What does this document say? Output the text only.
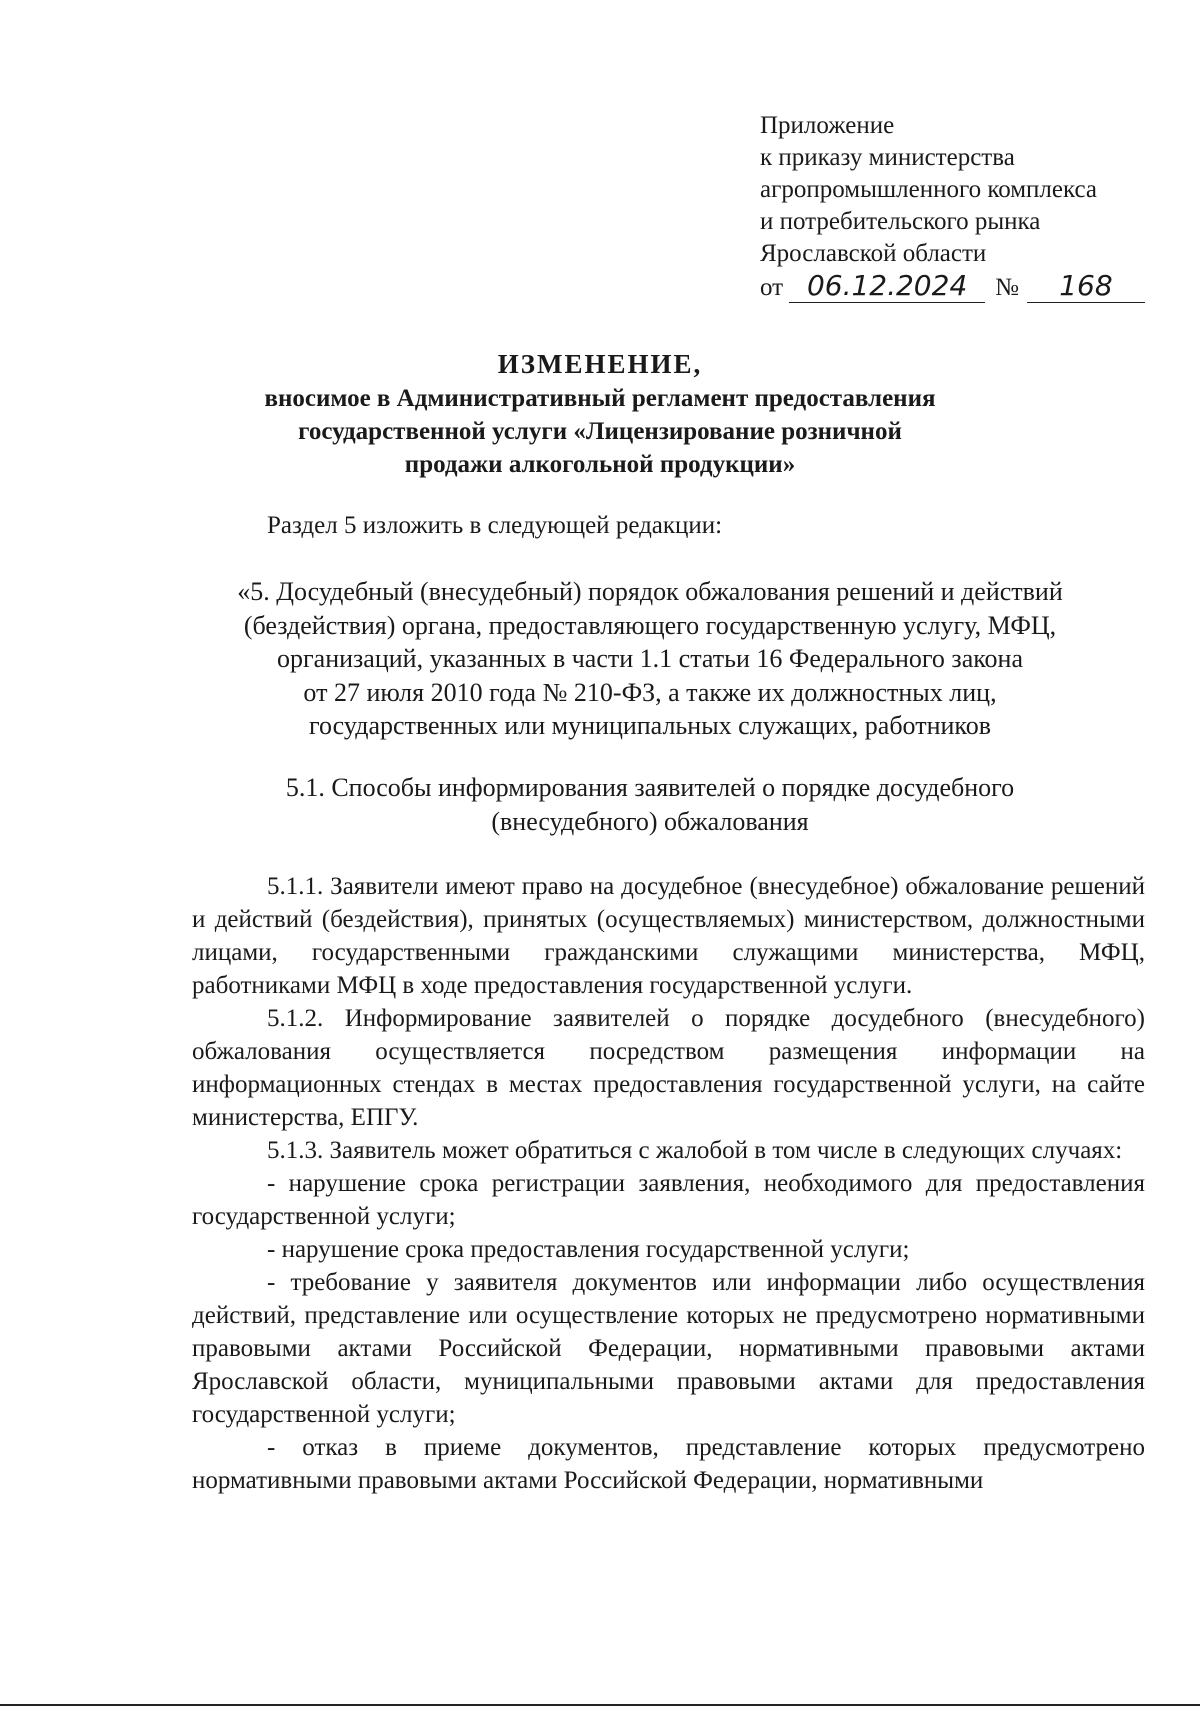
Приложение
к приказу министерства
агропромышленного комплекса
и потребительского рынка
Ярославской области
от 06.12.2024 № 168
ИЗМЕНЕНИЕ,
вносимое в Административный регламент предоставления
государственной услуги «Лицензирование розничной
продажи алкогольной продукции»
Раздел 5 изложить в следующей редакции:
«5. Досудебный (внесудебный) порядок обжалования решений и действий
(бездействия) органа, предоставляющего государственную услугу, МФЦ,
организаций, указанных в части 1.1 статьи 16 Федерального закона
от 27 июля 2010 года № 210-ФЗ, а также их должностных лиц,
государственных или муниципальных служащих, работников
5.1. Способы информирования заявителей о порядке досудебного
(внесудебного) обжалования

5.1.1. Заявители имеют право на досудебное (внесудебное) обжалование решений и действий (бездействия), принятых (осуществляемых) министерством, должностными лицами, государственными гражданскими служащими министерства, МФЦ, работниками МФЦ в ходе предоставления государственной услуги.

5.1.2. Информирование заявителей о порядке досудебного (внесудебного) обжалования осуществляется посредством размещения информации на информационных стендах в местах предоставления государственной услуги, на сайте министерства, ЕПГУ.

5.1.3. Заявитель может обратиться с жалобой в том числе в следующих случаях:

- нарушение срока регистрации заявления, необходимого для предоставления государственной услуги;

- нарушение срока предоставления государственной услуги;

- требование у заявителя документов или информации либо осуществления действий, представление или осуществление которых не предусмотрено нормативными правовыми актами Российской Федерации, нормативными правовыми актами Ярославской области, муниципальными правовыми актами для предоставления государственной услуги;

- отказ в приеме документов, представление которых предусмотрено нормативными правовыми актами Российской Федерации, нормативными
